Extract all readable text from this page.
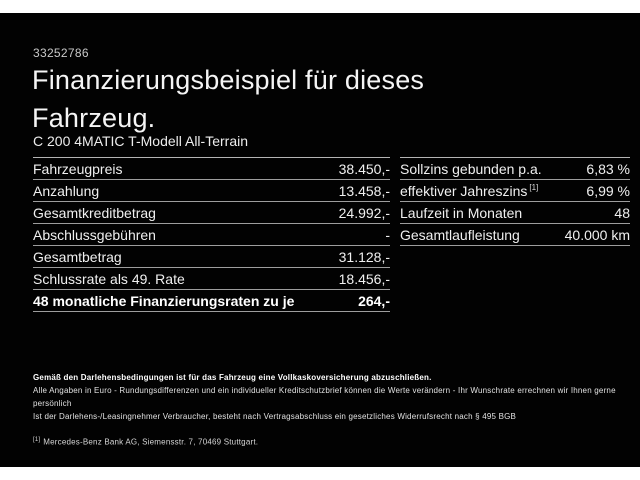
33252786
Finanzierungsbeispiel für dieses
Fahrzeug.
C 200 4MATIC T-Modell All-Terrain
Fahrzeugpreis	38.450,-
Anzahlung	13.458,-
Gesamtkreditbetrag	24.992,-
Abschlussgebühren	-
Gesamtbetrag	31.128,-
Schlussrate als 49. Rate	18.456,-
48 monatliche Finanzierungsraten zu je	264,-
Sollzins gebunden p.a.	6,83 %
effektiver Jahreszins [1]	6,99 %
Laufzeit in Monaten	48
Gesamtlaufleistung	40.000 km

Gemäß den Darlehensbedingungen ist für das Fahrzeug eine Vollkaskoversicherung abzuschließen.

Alle Angaben in Euro - Rundungsdifferenzen und ein individueller Kreditschutzbrief können die Werte verändern - Ihr Wunschrate errechnen wir Ihnen gerne persönlich

Ist der Darlehens-/Leasingnehmer Verbraucher, besteht nach Vertragsabschluss ein gesetzliches Widerrufsrecht nach § 495 BGB

[1] Mercedes-Benz Bank AG, Siemensstr. 7, 70469 Stuttgart.
